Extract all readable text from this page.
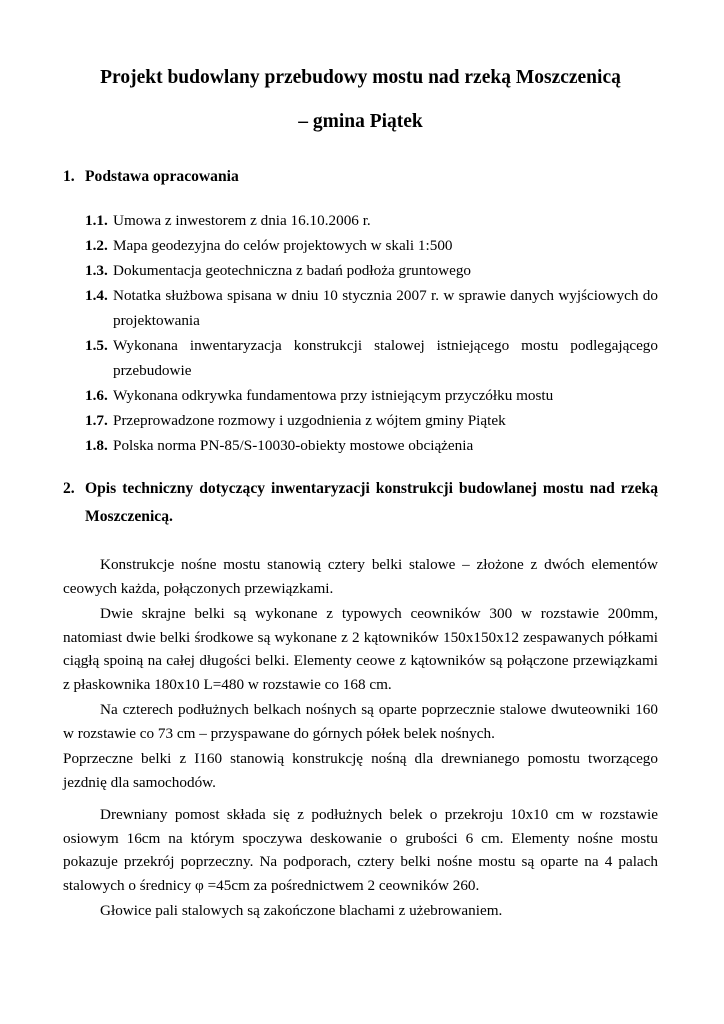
Projekt budowlany przebudowy mostu nad rzeką Moszczenicą
– gmina Piątek
1. Podstawa opracowania
1.1. Umowa z inwestorem z dnia 16.10.2006 r.
1.2. Mapa geodezyjna do celów projektowych w skali 1:500
1.3. Dokumentacja geotechniczna z badań podłoża gruntowego
1.4. Notatka służbowa spisana w dniu 10 stycznia 2007 r. w sprawie danych wyjściowych do projektowania
1.5. Wykonana inwentaryzacja konstrukcji stalowej istniejącego mostu podlegającego przebudowie
1.6. Wykonana odkrywka fundamentowa przy istniejącym przyczółku mostu
1.7. Przeprowadzone rozmowy i uzgodnienia z wójtem gminy Piątek
1.8. Polska norma PN-85/S-10030-obiekty mostowe obciążenia
2. Opis techniczny dotyczący inwentaryzacji konstrukcji budowlanej mostu nad rzeką Moszczenicą.

Konstrukcje nośne mostu stanowią cztery belki stalowe – złożone z dwóch elementów ceowych każda, połączonych przewiązkami.

Dwie skrajne belki są wykonane z typowych ceowników 300 w rozstawie 200mm, natomiast dwie belki środkowe są wykonane z 2 kątowników 150x150x12 zespawanych półkami ciągłą spoiną na całej długości belki. Elementy ceowe z kątowników są połączone przewiązkami z płaskownika 180x10 L=480 w rozstawie co 168 cm.

Na czterech podłużnych belkach nośnych są oparte poprzecznie stalowe dwuteowniki 160 w rozstawie co 73 cm – przyspawane do górnych półek belek nośnych.

Poprzeczne belki z I160 stanowią konstrukcję nośną dla drewnianego pomostu tworzącego jezdnię dla samochodów.

Drewniany pomost składa się z podłużnych belek o przekroju 10x10 cm w rozstawie osiowym 16cm na którym spoczywa deskowanie o grubości 6 cm. Elementy nośne mostu pokazuje przekrój poprzeczny. Na podporach, cztery belki nośne mostu są oparte na 4 palach stalowych o średnicy φ =45cm za pośrednictwem 2 ceowników 260.

Głowice pali stalowych są zakończone blachami z użebrowaniem.
